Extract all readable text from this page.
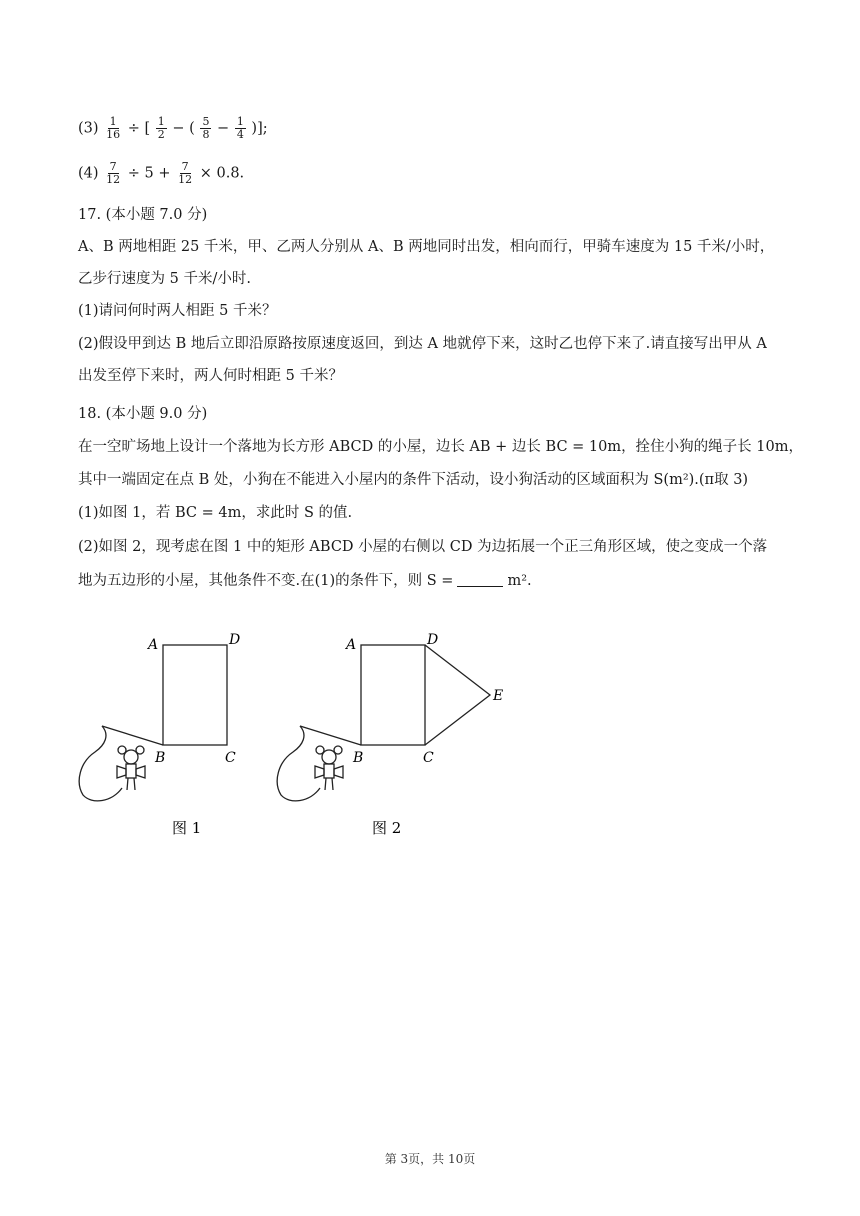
$(3) \frac{1}{16}$ ÷ [ $\frac{1}{2}$ − ( $\frac{5}{8} - \frac{1}{4}$ )];
$(4) \frac{7}{12} \div 5 + \frac{7}{12} \times 0.8$.
17. (本小题 7.0 分)
A、B 两地相距 25 千米，甲、乙两人分别从 A、B 两地同时出发，相向而行，甲骑车速度为 15 千米/小时，
乙步行速度为 5 千米/小时.
(1)请问何时两人相距 5 千米？
(2)假设甲到达 B 地后立即沿原路按原速度返回，到达 A 地就停下来，这时乙也停下来了.请直接写出甲从 A
出发至停下来时，两人何时相距 5 千米？
18. (本小题 9.0 分)
在一空旷场地上设计一个落地为长方形 ABCD 的小屋，边长 AB + 边长 BC = 10m，拴住小狗的绳子长 10m，
其中一端固定在点 B 处，小狗在不能进入小屋内的条件下活动，设小狗活动的区域面积为 S(m²).(π取 3)
(1)如图 1，若 BC = 4m，求此时 S 的值.
(2)如图 2，现考虑在图 1 中的矩形 ABCD 小屋的右侧以 CD 为边拓展一个正三角形区域，使之变成一个落
地为五边形的小屋，其他条件不变.在(1)的条件下，则 S =	m².
A	D
B	C
图 1
A	D
E
B	C
图 2
第 3页，共 10页
